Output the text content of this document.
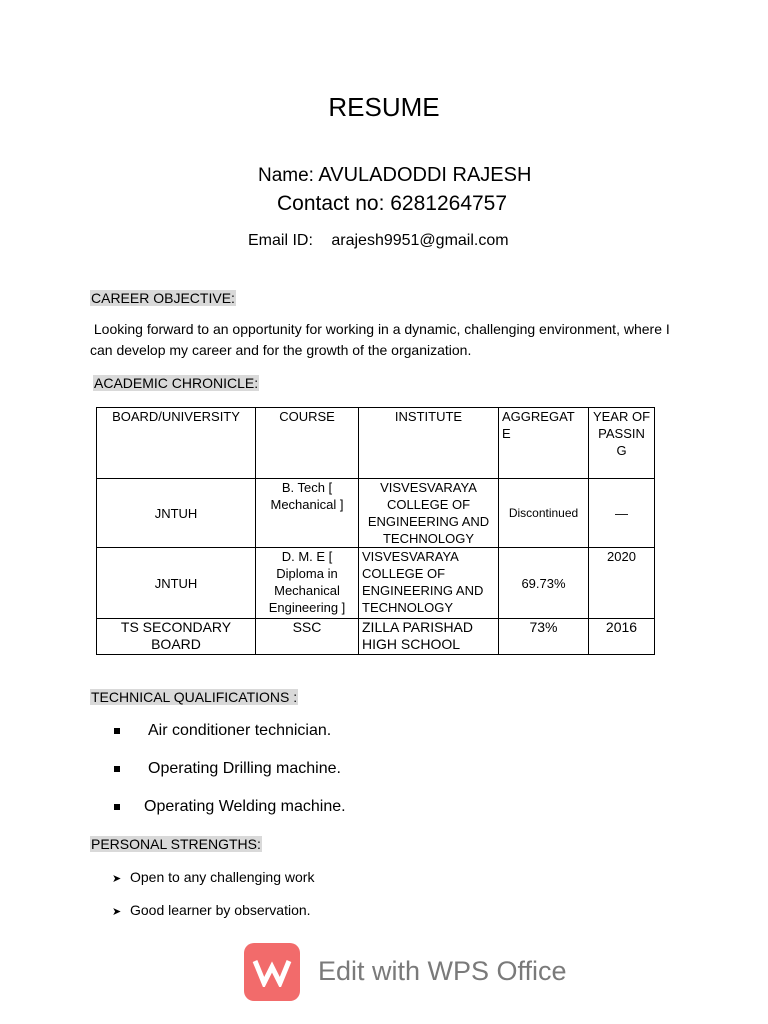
RESUME
Name: AVULADODDI RAJESH
Contact no: 6281264757
Email ID: arajesh9951@gmail.com
CAREER OBJECTIVE:
Looking forward to an opportunity for working in a dynamic, challenging environment, where I can develop my career and for the growth of the organization.
ACADEMIC CHRONICLE:
BOARD/UNIVERSITY	COURSE	INSTITUTE	AGGREGAT E	YEAR OF PASSIN G
JNTUH	B. Tech [ Mechanical ]	VISVESVARAYA COLLEGE OF ENGINEERING AND TECHNOLOGY	Discontinued	—
JNTUH	D. M. E [ Diploma in Mechanical Engineering ]	VISVESVARAYA COLLEGE OF ENGINEERING AND TECHNOLOGY	69.73%	2020
TS SECONDARY BOARD	SSC	ZILLA PARISHAD HIGH SCHOOL	73%	2016
TECHNICAL QUALIFICATIONS :
Air conditioner technician.
Operating Drilling machine.
Operating Welding machine.
PERSONAL STRENGTHS:
➤ Open to any challenging work
➤ Good learner by observation.
Edit with WPS Office
